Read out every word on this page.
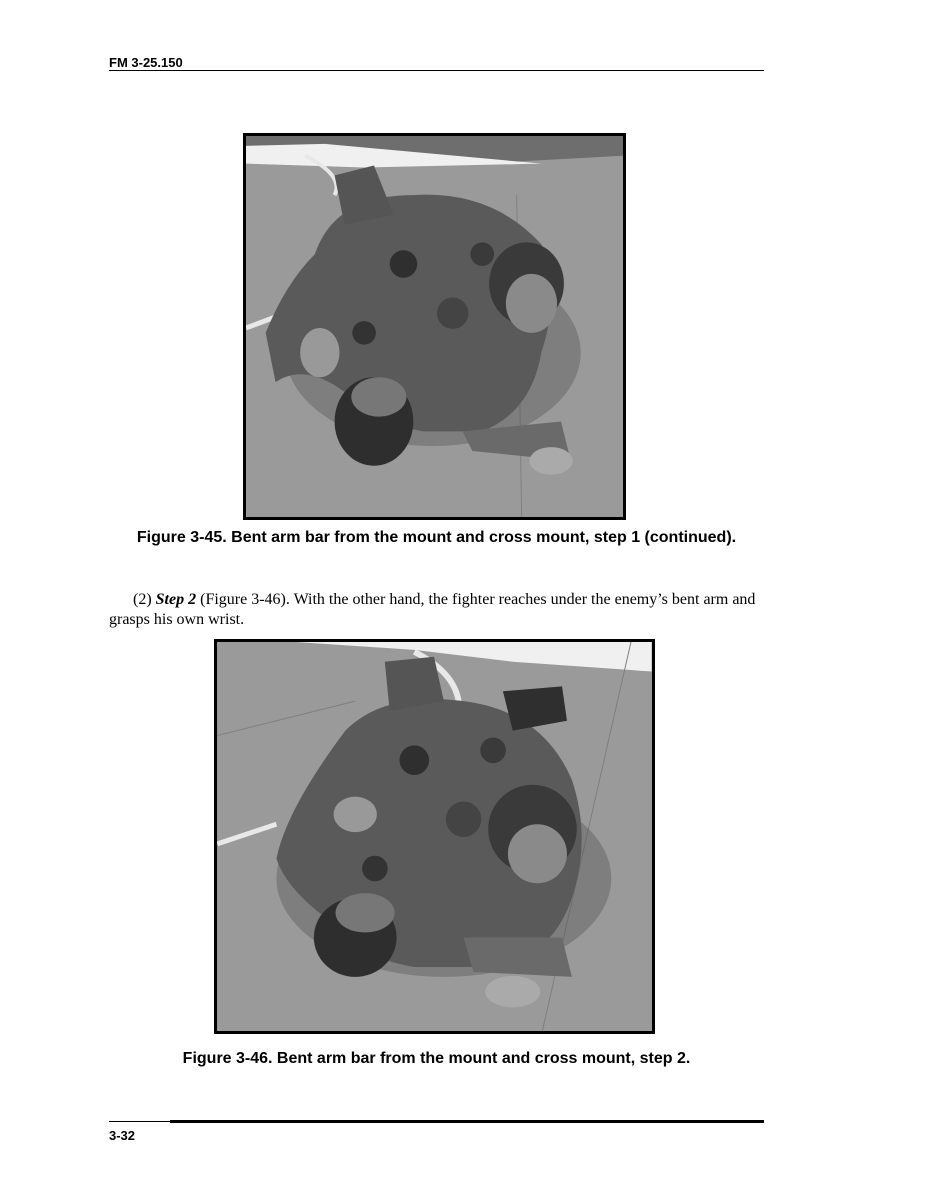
FM 3-25.150
Figure 3-45. Bent arm bar from the mount and cross mount, step 1 (continued).

(2) Step 2 (Figure 3-46). With the other hand, the fighter reaches under the enemy’s bent arm and grasps his own wrist.

Figure 3-46. Bent arm bar from the mount and cross mount, step 2.
3-32
